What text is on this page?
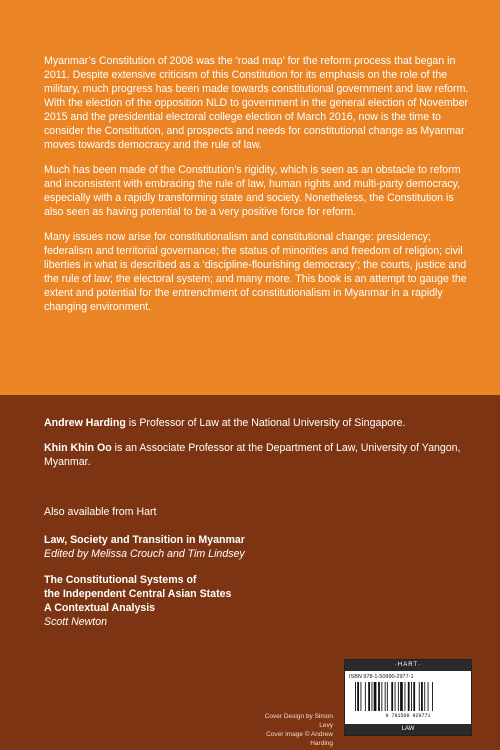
Myanmar’s Constitution of 2008 was the ‘road map’ for the reform process that began in 2011. Despite extensive criticism of this Constitution for its emphasis on the role of the military, much progress has been made towards constitutional government and law reform. With the election of the opposition NLD to government in the general election of November 2015 and the presidential electoral college election of March 2016, now is the time to consider the Constitution, and prospects and needs for constitutional change as Myanmar moves towards democracy and the rule of law.

Much has been made of the Constitution’s rigidity, which is seen as an obstacle to reform and inconsistent with embracing the rule of law, human rights and multi-party democracy, especially with a rapidly transforming state and society. Nonetheless, the Constitution is also seen as having potential to be a very positive force for reform.

Many issues now arise for constitutionalism and constitutional change: presidency; federalism and territorial governance; the status of minorities and freedom of religion; civil liberties in what is described as a ‘discipline-flourishing democracy’; the courts, justice and the rule of law; the electoral system; and many more. This book is an attempt to gauge the extent and potential for the entrenchment of constitutionalism in Myanmar in a rapidly changing environment.

Andrew Harding is Professor of Law at the National University of Singapore.

Khin Khin Oo is an Associate Professor at the Department of Law, University of Yangon, Myanmar.

Also available from Hart
Law, Society and Transition in Myanmar
Edited by Melissa Crouch and Tim Lindsey
The Constitutional Systems of
the Independent Central Asian States
A Contextual Analysis
Scott Newton
Cover Design by Simon Levy
Cover image © Andrew Harding
·HART·
ISBN 978-1-50990-2977-1
9 781509 929771
LAW
